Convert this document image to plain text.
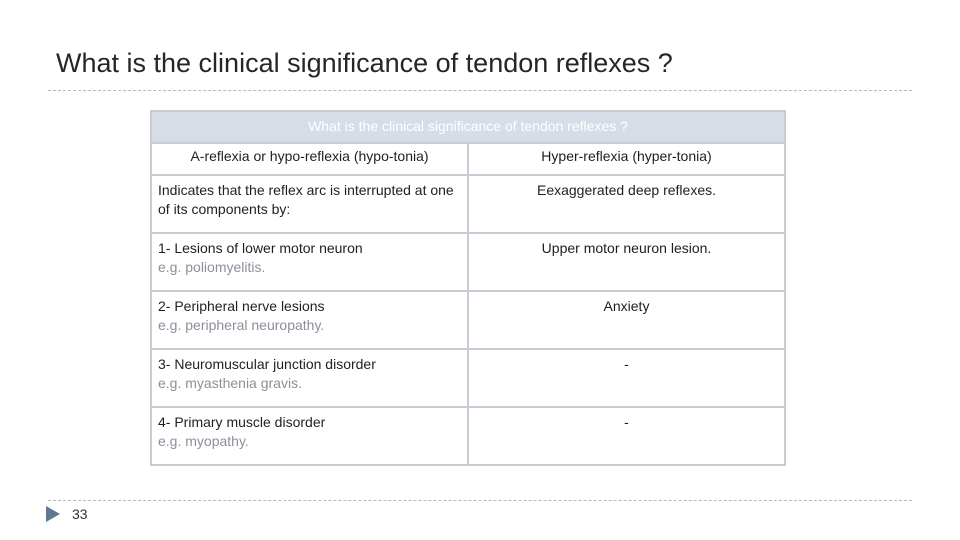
What is the clinical significance of tendon reflexes ?
What is the clinical significance of tendon reflexes ?	
A-reflexia or hypo-reflexia (hypo-tonia)	Hyper-reflexia (hyper-tonia)

Indicates that the reflex arc is interrupted at one of its components by:	Eexaggerated deep reflexes.

1- Lesions of lower motor neuron
e.g. poliomyelitis.	Upper motor neuron lesion.

2- Peripheral nerve lesions
e.g. peripheral neuropathy.	Anxiety

3- Neuromuscular junction disorder
e.g. myasthenia gravis.	-

4- Primary muscle disorder
e.g. myopathy.	-
33
